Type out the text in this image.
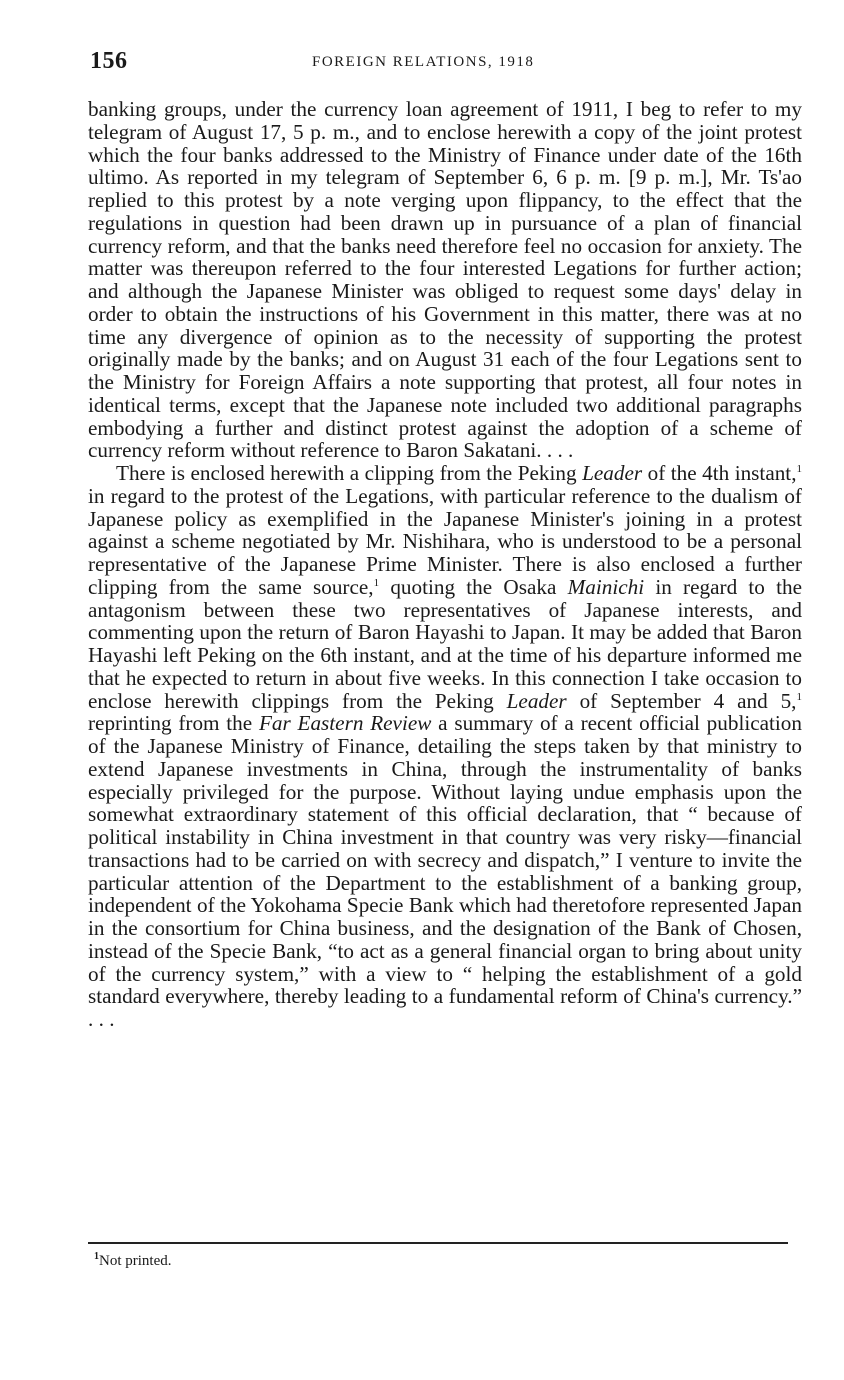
156	FOREIGN RELATIONS, 1918

banking groups, under the currency loan agreement of 1911, I beg to refer to my telegram of August 17, 5 p. m., and to enclose herewith a copy of the joint protest which the four banks addressed to the Ministry of Finance under date of the 16th ultimo. As reported in my telegram of September 6, 6 p. m. [9 p. m.], Mr. Ts'ao replied to this protest by a note verging upon flippancy, to the effect that the regulations in question had been drawn up in pursuance of a plan of financial currency reform, and that the banks need therefore feel no occasion for anxiety. The matter was thereupon referred to the four interested Legations for further action; and although the Japanese Minister was obliged to request some days' delay in order to obtain the instructions of his Government in this matter, there was at no time any divergence of opinion as to the necessity of supporting the protest originally made by the banks; and on August 31 each of the four Legations sent to the Ministry for Foreign Affairs a note supporting that protest, all four notes in identical terms, except that the Japanese note included two additional paragraphs embodying a further and distinct protest against the adoption of a scheme of currency reform without reference to Baron Sakatani. . . .

There is enclosed herewith a clipping from the Peking Leader of the 4th instant,$^1$ in regard to the protest of the Legations, with particular reference to the dualism of Japanese policy as exemplified in the Japanese Minister's joining in a protest against a scheme negotiated by Mr. Nishihara, who is understood to be a personal representative of the Japanese Prime Minister. There is also enclosed a further clipping from the same source,$^1$ quoting the Osaka Mainichi in regard to the antagonism between these two representatives of Japanese interests, and commenting upon the return of Baron Hayashi to Japan. It may be added that Baron Hayashi left Peking on the 6th instant, and at the time of his departure informed me that he expected to return in about five weeks. In this connection I take occasion to enclose herewith clippings from the Peking Leader of September 4 and 5,$^1$ reprinting from the Far Eastern Review a summary of a recent official publication of the Japanese Ministry of Finance, detailing the steps taken by that ministry to extend Japanese investments in China, through the instrumentality of banks especially privileged for the purpose. Without laying undue emphasis upon the somewhat extraordinary statement of this official declaration, that “ because of political instability in China investment in that country was very risky—financial transactions had to be carried on with secrecy and dispatch,” I venture to invite the particular attention of the Department to the establishment of a banking group, independent of the Yokohama Specie Bank which had theretofore represented Japan in the consortium for China business, and the designation of the Bank of Chosen, instead of the Specie Bank, “to act as a general financial organ to bring about unity of the currency system,” with a view to “ helping the establishment of a gold standard everywhere, thereby leading to a fundamental reform of China's currency.” . . .

$^1$Not printed.
